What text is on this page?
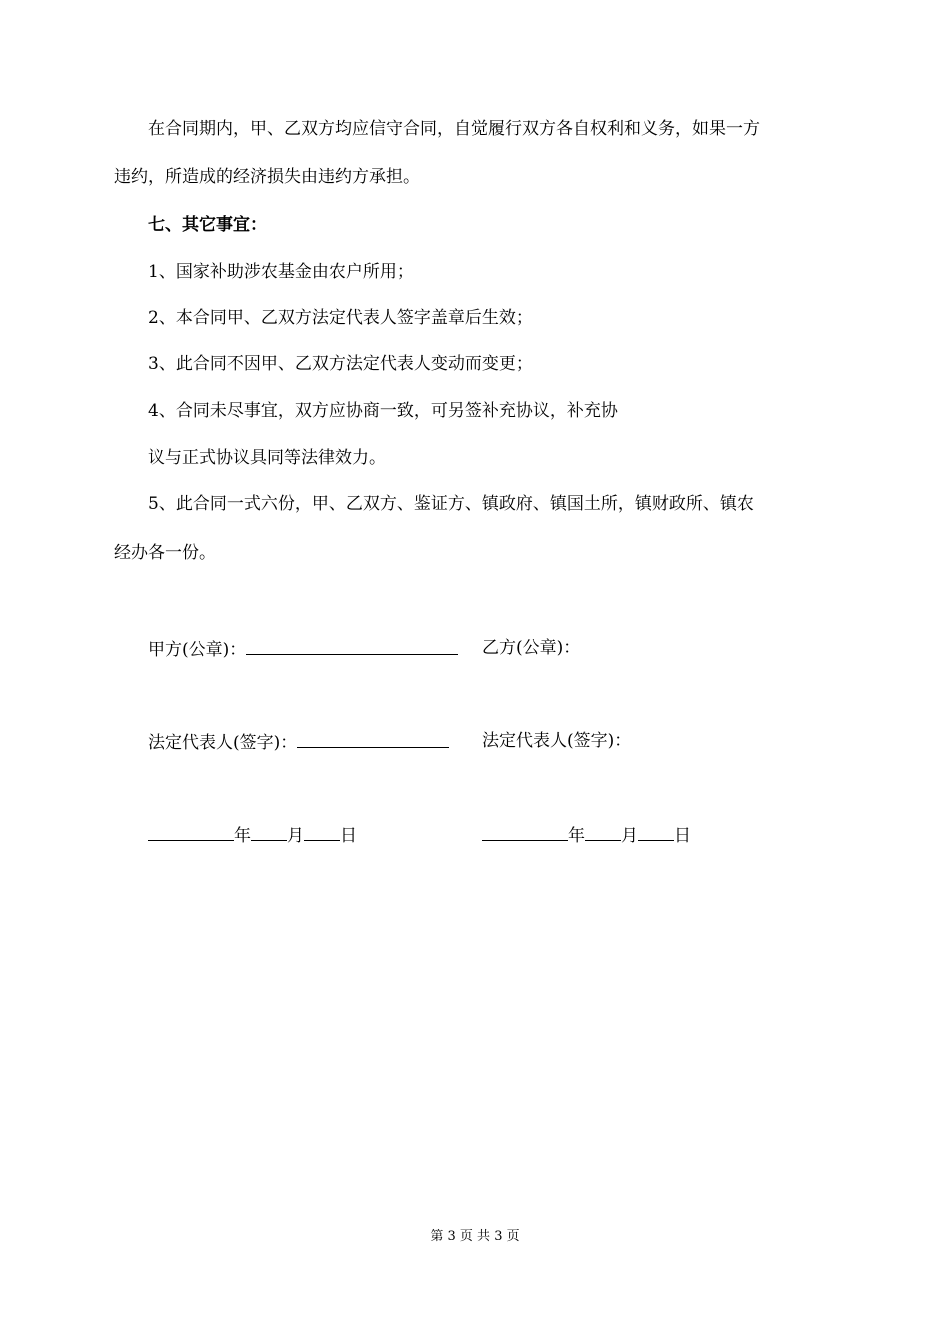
在合同期内，甲、乙双方均应信守合同，自觉履行双方各自权利和义务，如果一方
违约，所造成的经济损失由违约方承担。
七、其它事宜：
1、国家补助涉农基金由农户所用；
2、本合同甲、乙双方法定代表人签字盖章后生效；
3、此合同不因甲、乙双方法定代表人变动而变更；
4、合同未尽事宜，双方应协商一致，可另签补充协议，补充协
议与正式协议具同等法律效力。
5、此合同一式六份，甲、乙双方、鉴证方、镇政府、镇国土所，镇财政所、镇农
经办各一份。
甲方(公章)：	乙方(公章)：
法定代表人(签字)：	法定代表人(签字)：
年 月 日	年 月 日
第 3 页 共 3 页
